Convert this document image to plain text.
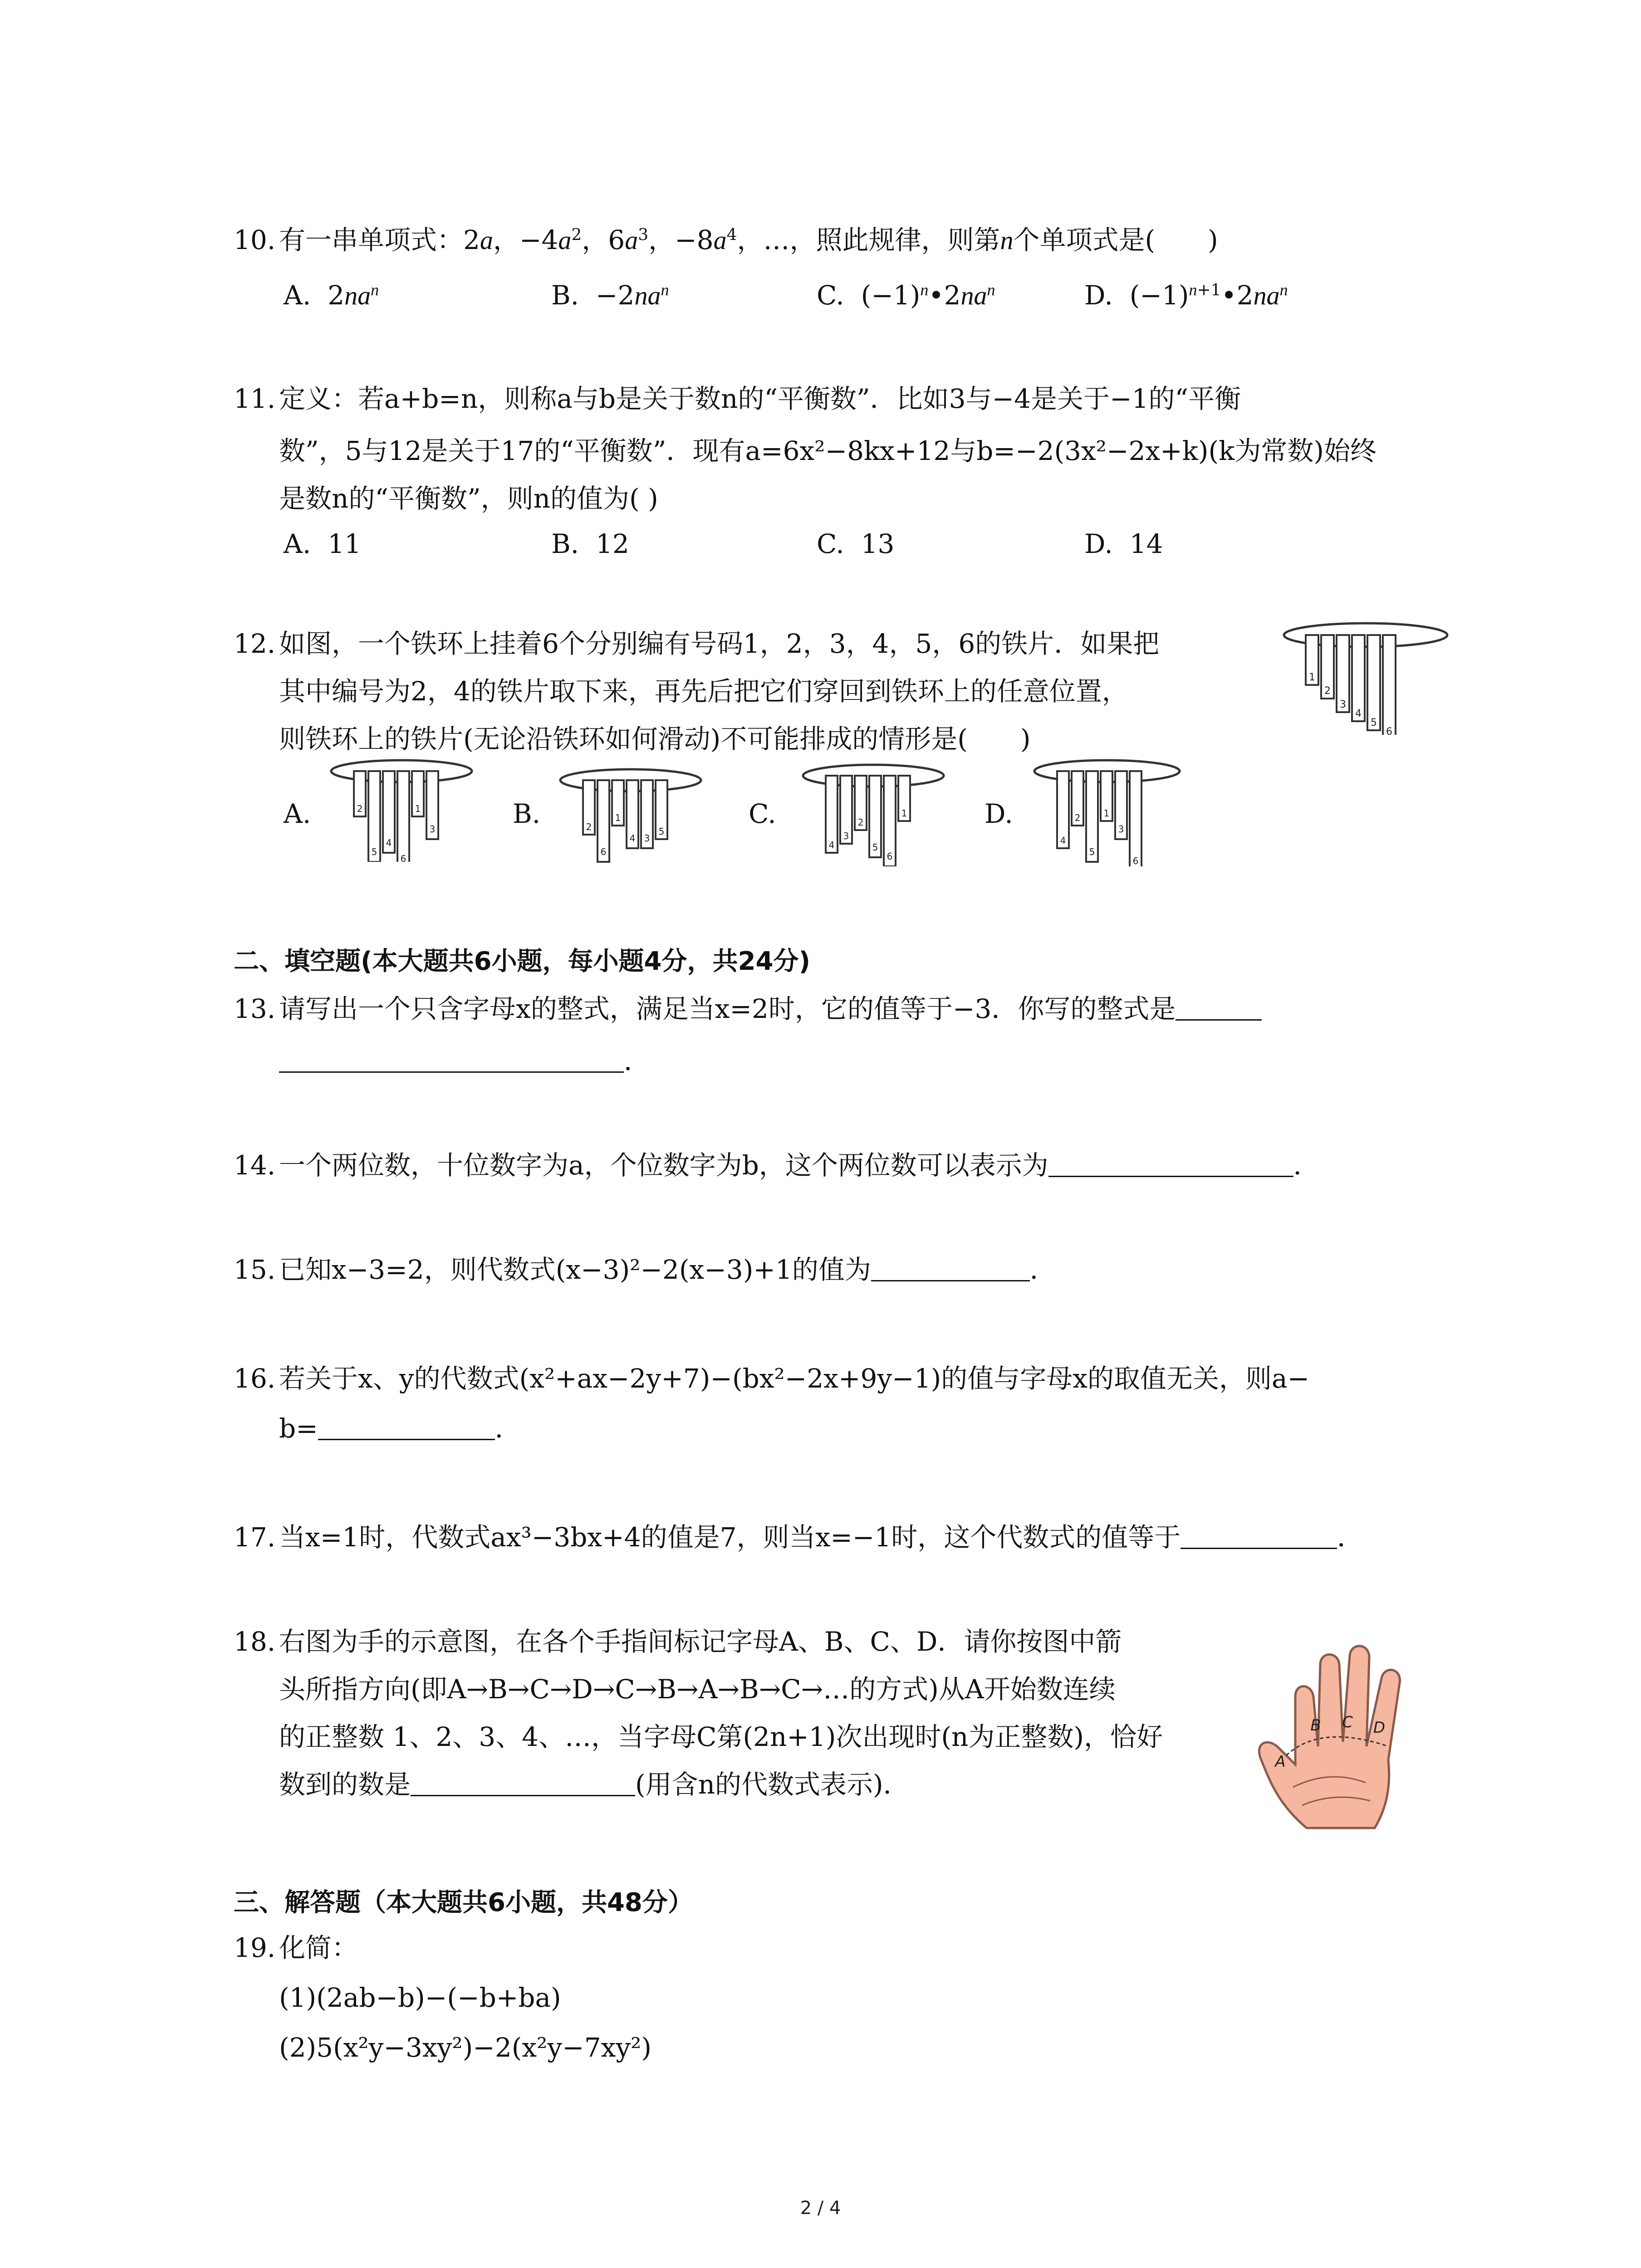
10. 有一串单项式：2a，$-4a^2$，$6a^3$，$-8a^4$，…，照此规律，则第n个单项式是(　　)
A.  $2na^n$	B.  $-2na^n$	C.  $(-1)^n•2na^n$	D.  $(-1)^{n+1}•2na^n$
11. 定义：若a+b=n，则称a与b是关于数n的“平衡数”．比如3与−4是关于−1的“平衡
数”，5与12是关于17的“平衡数”．现有a=6x²−8kx+12与b=−2(3x²−2x+k)(k为常数)始终
是数n的“平衡数”，则n的值为( )
A. 11	B. 12	C. 13	D. 14
12. 如图，一个铁环上挂着6个分别编有号码1，2，3，4，5，6的铁片．如果把
其中编号为2，4的铁片取下来，再先后把它们穿回到铁环上的任意位置，
则铁环上的铁片(无论沿铁环如何滑动)不可能排成的情形是(　　)
1
2
3
4
5
6
A.	2
5
4
6
1
3	B.	2
6
1
4 3
5
C.
4
3
2
5
6
1	D.
4
2
5
1
3
6
二、填空题(本大题共6小题，每小题4分，共24分)
13. 请写出一个只含字母x的整式，满足当x=2时，它的值等于−3．你写的整式是
．
14. 一个两位数，十位数字为a，个位数字为b，这个两位数可以表示为	．
15. 已知x−3=2，则代数式(x−3)²−2(x−3)+1的值为	．
16. 若关于x、y的代数式(x²+ax−2y+7)−(bx²−2x+9y−1)的值与字母x的取值无关，则a−
b=	．
17. 当x=1时，代数式ax³−3bx+4的值是7，则当x=−1时，这个代数式的值等于	．
18. 右图为手的示意图，在各个手指间标记字母A、B、C、D．请你按图中箭
头所指方向(即A→B→C→D→C→B→A→B→C→…的方式)从A开始数连续
的正整数 1、2、3、4、…，当字母C第(2n+1)次出现时(n为正整数)，恰好
数到的数是	(用含n的代数式表示)．
A
B C D
三、解答题（本大题共6小题，共48分）
19. 化简：
(1)(2ab−b)−(−b+ba)
(2)5(x²y−3xy²)−2(x²y−7xy²)
2 / 4
